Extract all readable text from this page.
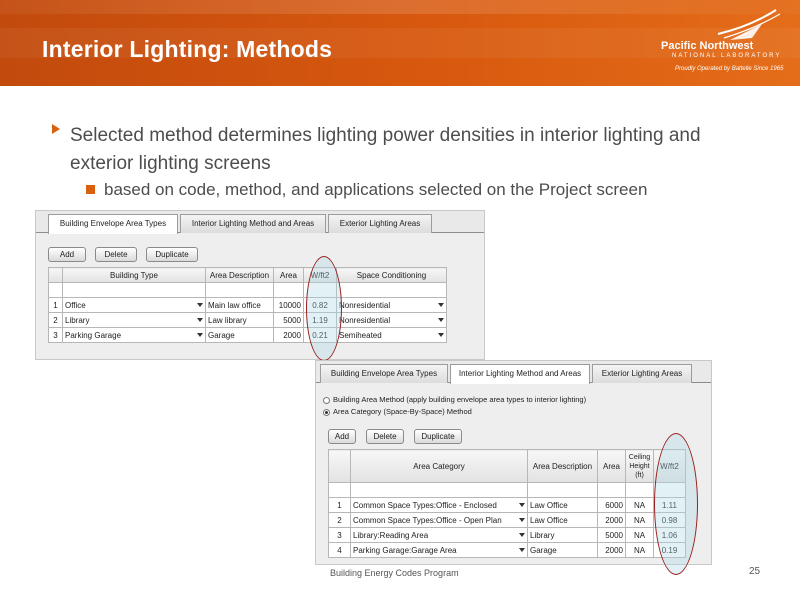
Interior Lighting: Methods	Pacific Northwest
NATIONAL LABORATORY
Proudly Operated by Battelle Since 1965
Selected method determines lighting power densities in interior lighting and exterior lighting screens
based on code, method, and applications selected on the Project screen
Building Envelope Area Types	Interior Lighting Method and Areas	Exterior Lighting Areas
Add	Delete	Duplicate
	Building Type	Area Description	Area	W/ft2	Space Conditioning

1	Office	Main law office	10000	0.82	Nonresidential

2	Library	Law library	5000	1.19	Nonresidential

3	Parking Garage	Garage	2000	0.21	Semiheated
Building Envelope Area Types	Interior Lighting Method and Areas	Exterior Lighting Areas
Building Area Method (apply building envelope area types to interior lighting)
Area Category (Space-By-Space) Method
Add	Delete	Duplicate
	Area Category	Area Description	Area	Ceiling Height (ft)	W/ft2

1	Common Space Types:Office - Enclosed	Law Office	6000	NA	1.11
2	Common Space Types:Office - Open Plan	Law Office	2000	NA	0.98
3	Library:Reading Area	Library	5000	NA	1.06
4	Parking Garage:Garage Area	Garage	2000	NA	0.19
Building Energy Codes Program	25
